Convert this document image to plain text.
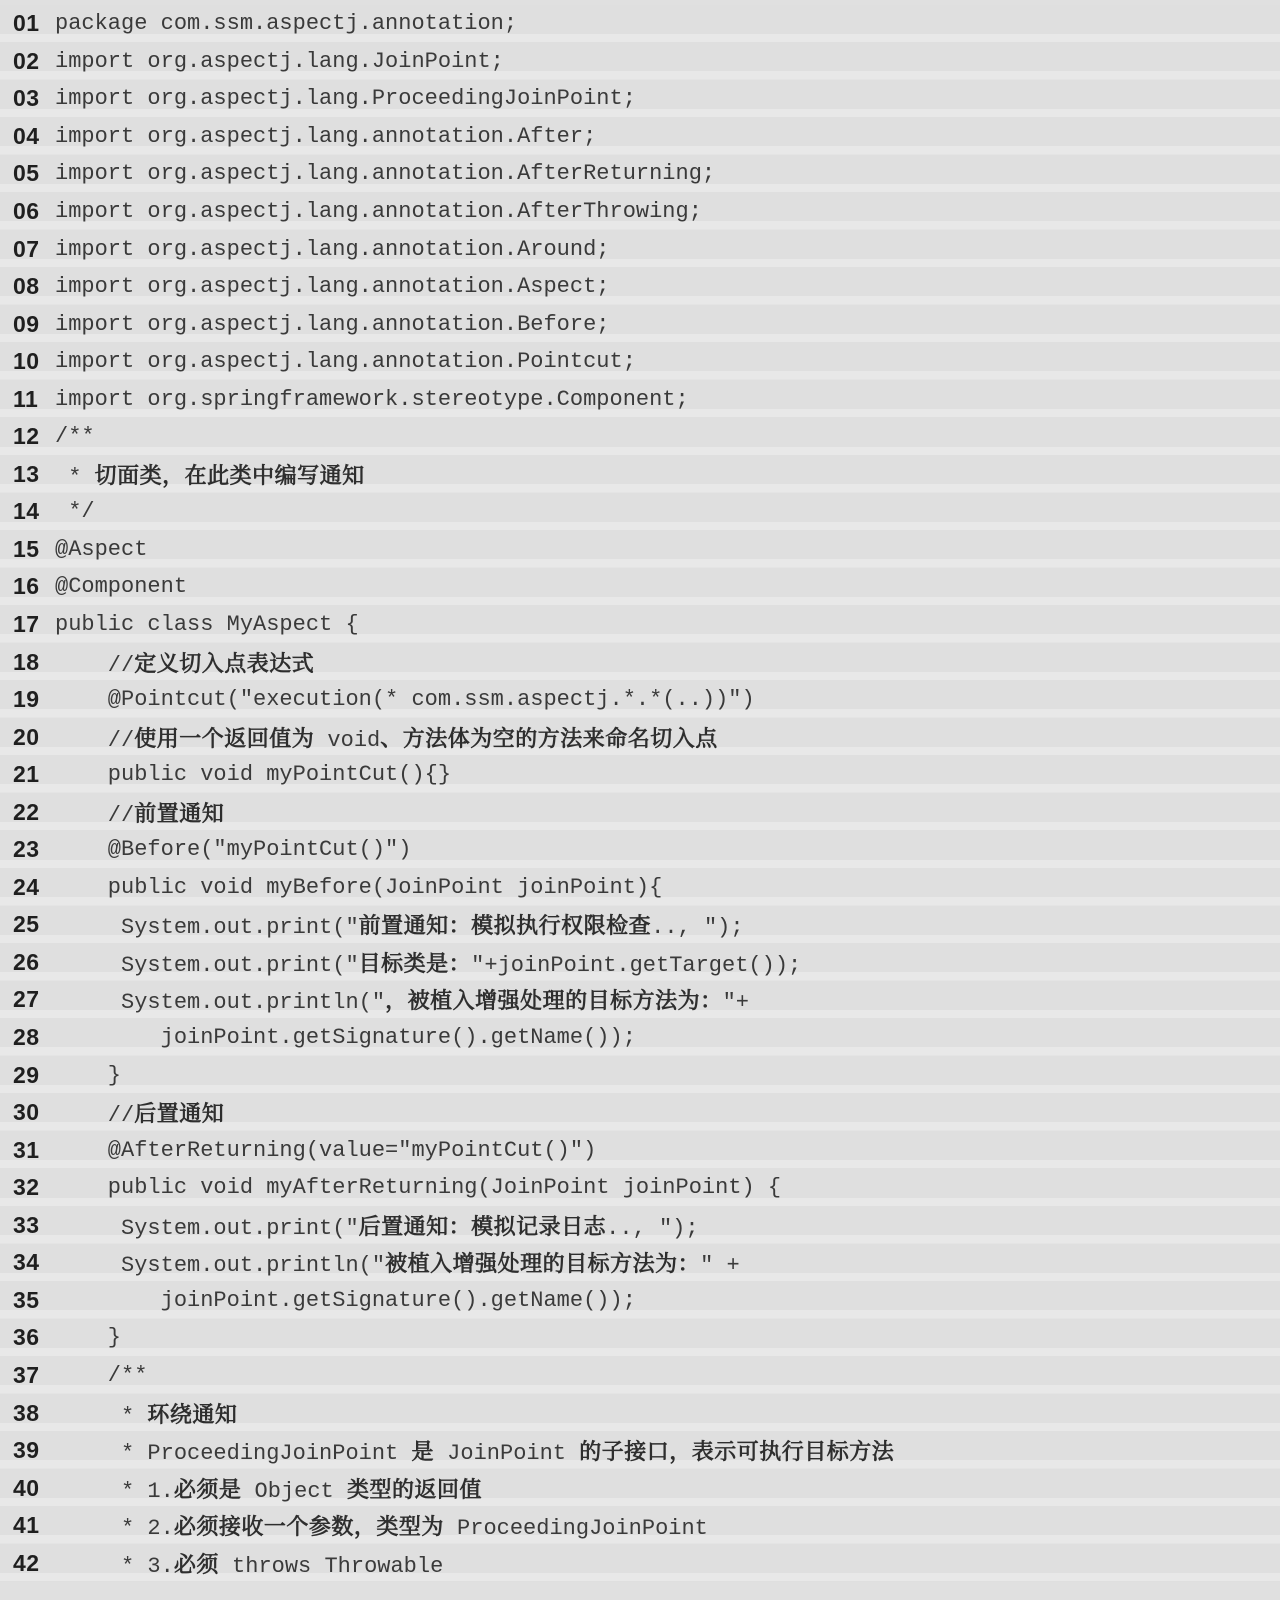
01 package com.ssm.aspectj.annotation;
02 import org.aspectj.lang.JoinPoint;
03 import org.aspectj.lang.ProceedingJoinPoint;
04 import org.aspectj.lang.annotation.After;
05 import org.aspectj.lang.annotation.AfterReturning;
06 import org.aspectj.lang.annotation.AfterThrowing;
07 import org.aspectj.lang.annotation.Around;
08 import org.aspectj.lang.annotation.Aspect;
09 import org.aspectj.lang.annotation.Before;
10 import org.aspectj.lang.annotation.Pointcut;
11 import org.springframework.stereotype.Component;
12 /**
13 * 切面类，在此类中编写通知
14 */
15 @Aspect
16 @Component
17 public class MyAspect {
18 //定义切入点表达式
19 @Pointcut("execution(* com.ssm.aspectj.*.*(..))")
20 //使用一个返回值为 void、方法体为空的方法来命名切入点
21 public void myPointCut(){}
22 //前置通知
23 @Before("myPointCut()")
24 public void myBefore(JoinPoint joinPoint){
25 System.out.print("前置通知：模拟执行权限检查.., ");
26 System.out.print("目标类是："+joinPoint.getTarget());
27 System.out.println("，被植入增强处理的目标方法为："+
28 joinPoint.getSignature().getName());
29 }
30 //后置通知
31 @AfterReturning(value="myPointCut()")
32 public void myAfterReturning(JoinPoint joinPoint) {
33 System.out.print("后置通知：模拟记录日志.., ");
34 System.out.println("被植入增强处理的目标方法为：" +
35 joinPoint.getSignature().getName());
36 }
37 /**
38 * 环绕通知
39 * ProceedingJoinPoint 是 JoinPoint 的子接口，表示可执行目标方法
40 * 1.必须是 Object 类型的返回值
41 * 2.必须接收一个参数，类型为 ProceedingJoinPoint
42 * 3.必须 throws Throwable
